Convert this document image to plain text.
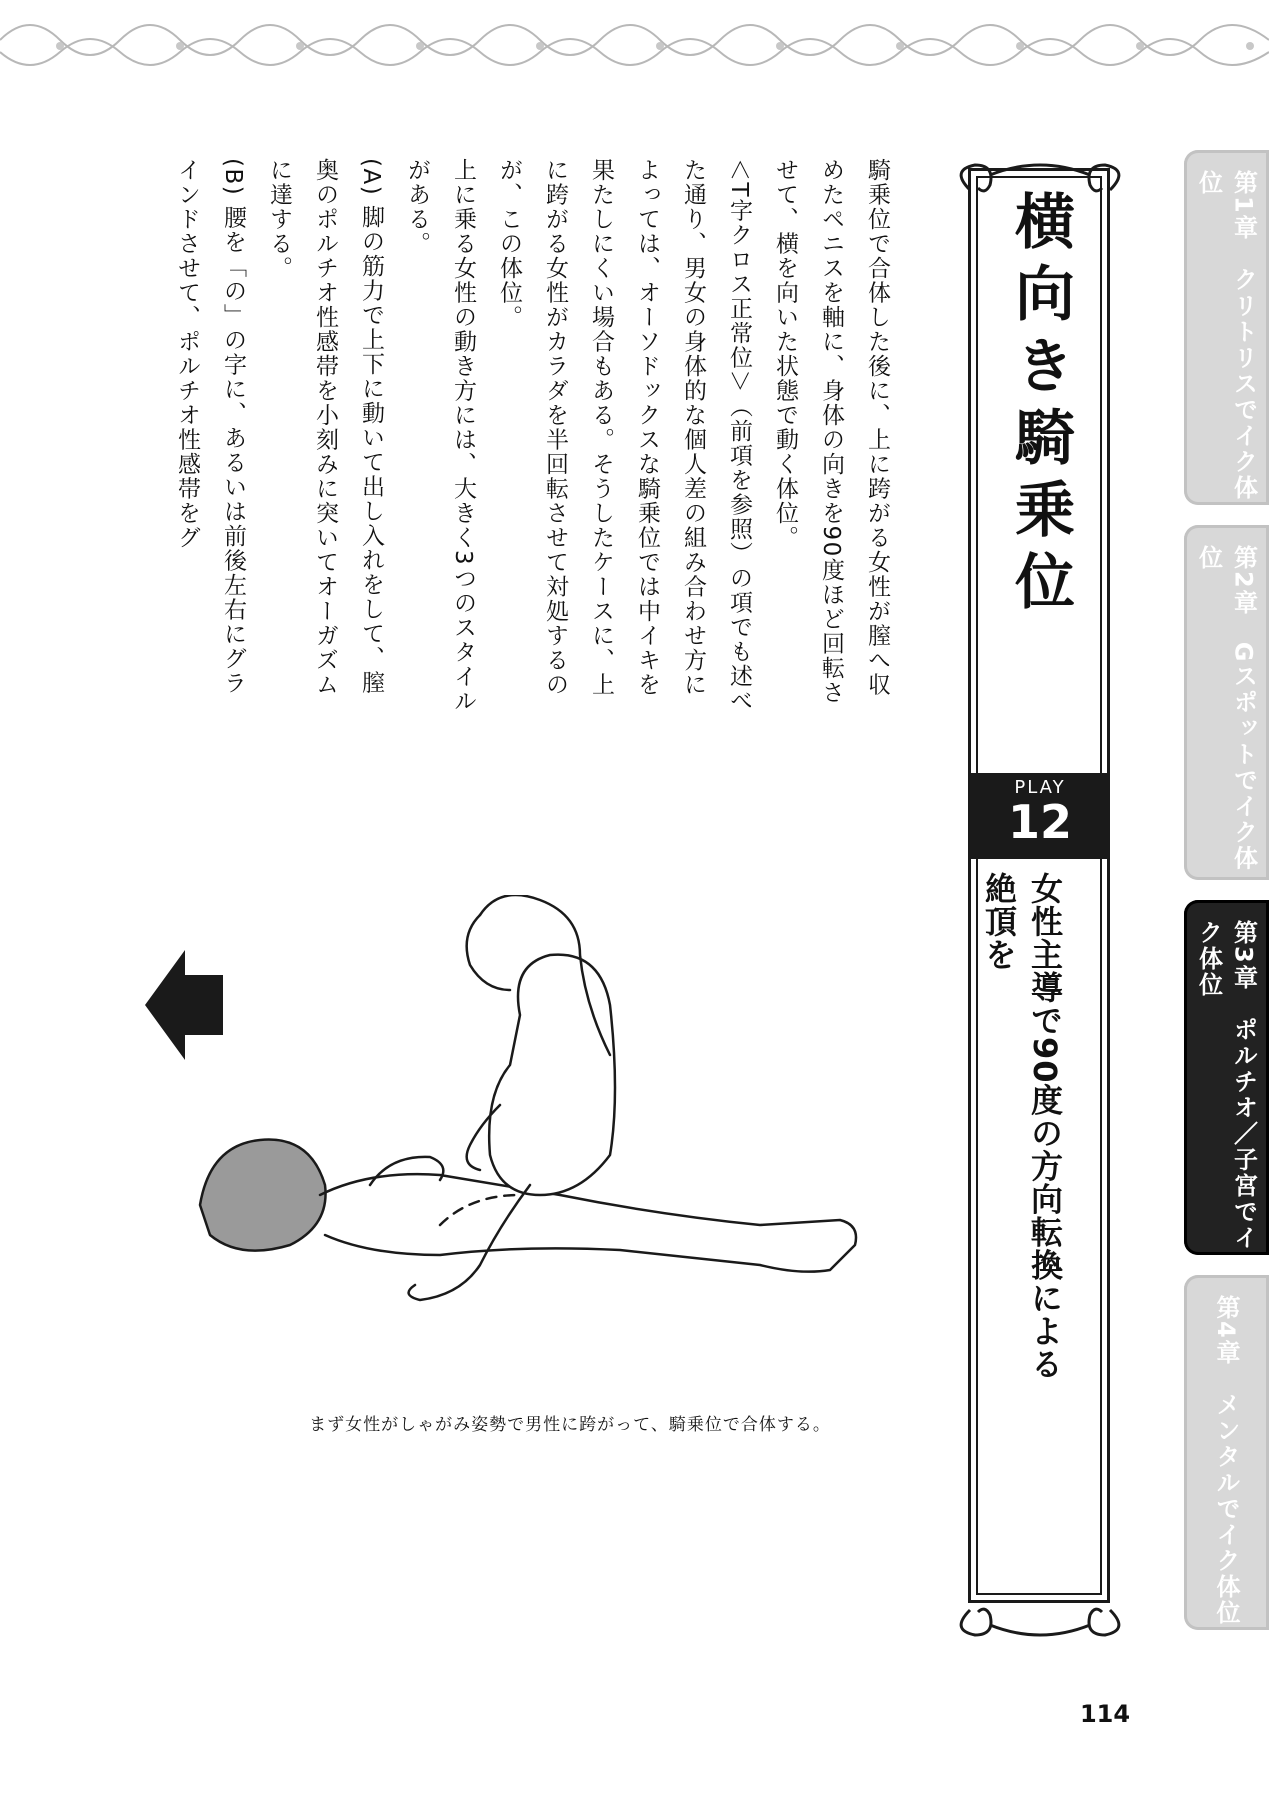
騎乗位で合体した後に、上に跨がる女性が膣へ収めたペニスを軸に、身体の向きを90度ほど回転させて、横を向いた状態で動く体位。

＜T字クロス正常位＞（前項を参照）の項でも述べた通り、男女の身体的な個人差の組み合わせ方によっては、オーソドックスな騎乗位では中イキを果たしにくい場合もある。そうしたケースに、上に跨がる女性がカラダを半回転させて対処するのが、この体位。

上に乗る女性の動き方には、大きく3つのスタイルがある。

(A) 脚の筋力で上下に動いて出し入れをして、膣奥のポルチオ性感帯を小刻みに突いてオーガズムに達する。

(B) 腰を「の」の字に、あるいは前後左右にグラインドさせて、ポルチオ性感帯をグ	横向き騎乗位
PLAY
12
女性主導で90度の方向転換による絶頂を
第1章　クリトリスでイク体位
第2章　Gスポットでイク体位
第3章　ポルチオ／子宮でイク体位
第4章　メンタルでイク体位
まず女性がしゃがみ姿勢で男性に跨がって、騎乗位で合体する。
114
